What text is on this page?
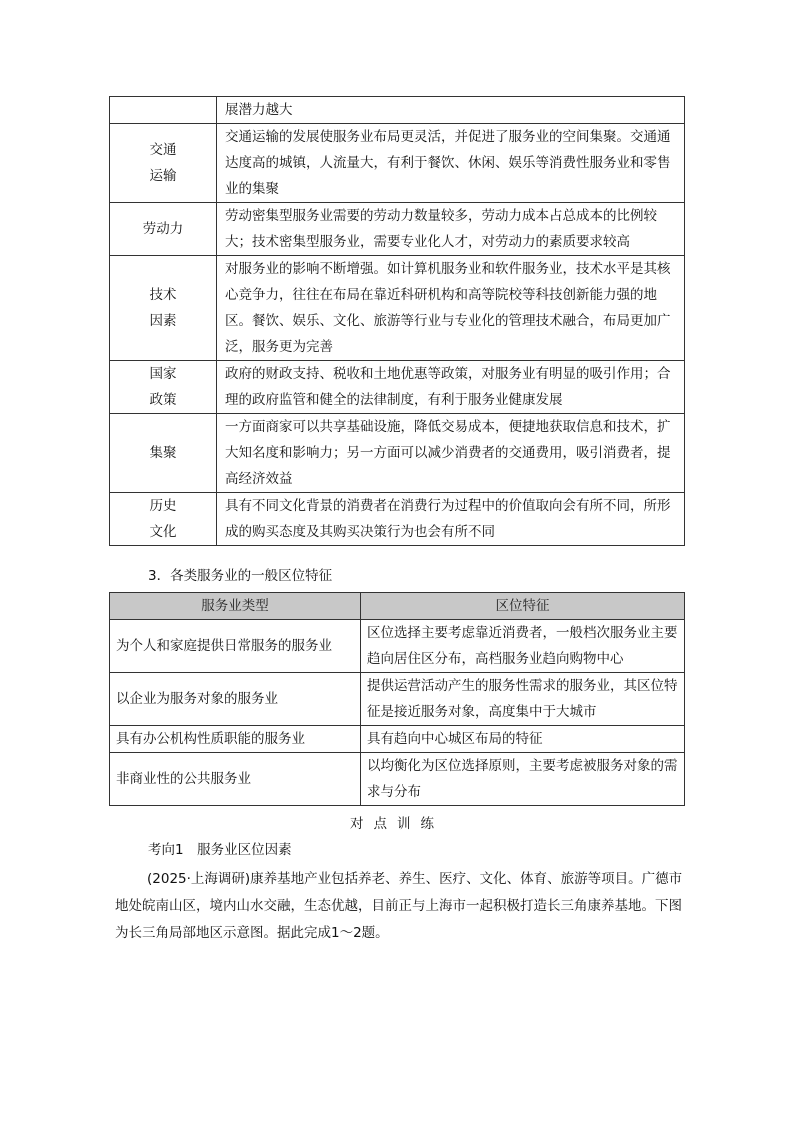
	展潜力越大

交通
运输	交通运输的发展使服务业布局更灵活，并促进了服务业的空间集聚。交通通达度高的城镇，人流量大，有利于餐饮、休闲、娱乐等消费性服务业和零售业的集聚

劳动力	劳动密集型服务业需要的劳动力数量较多，劳动力成本占总成本的比例较大；技术密集型服务业，需要专业化人才，对劳动力的素质要求较高

技术
因素	对服务业的影响不断增强。如计算机服务业和软件服务业，技术水平是其核心竞争力，往往在布局在靠近科研机构和高等院校等科技创新能力强的地区。餐饮、娱乐、文化、旅游等行业与专业化的管理技术融合，布局更加广泛，服务更为完善

国家
政策	政府的财政支持、税收和土地优惠等政策，对服务业有明显的吸引作用；合理的政府监管和健全的法律制度，有利于服务业健康发展

集聚	一方面商家可以共享基础设施，降低交易成本，便捷地获取信息和技术，扩大知名度和影响力；另一方面可以减少消费者的交通费用，吸引消费者，提高经济效益

历史
文化	具有不同文化背景的消费者在消费行为过程中的价值取向会有所不同，所形成的购买态度及其购买决策行为也会有所不同
3．各类服务业的一般区位特征
服务业类型	区位特征
为个人和家庭提供日常服务的服务业	区位选择主要考虑靠近消费者，一般档次服务业主要趋向居住区分布，高档服务业趋向购物中心
以企业为服务对象的服务业	提供运营活动产生的服务性需求的服务业，其区位特征是接近服务对象，高度集中于大城市
具有办公机构性质职能的服务业	具有趋向中心城区布局的特征
非商业性的公共服务业	以均衡化为区位选择原则，主要考虑被服务对象的需求与分布
对点训练
考向1　服务业区位因素

(2025·上海调研)康养基地产业包括养老、养生、医疗、文化、体育、旅游等项目。广德市地处皖南山区，境内山水交融，生态优越，目前正与上海市一起积极打造长三角康养基地。下图为长三角局部地区示意图。据此完成1～2题。
